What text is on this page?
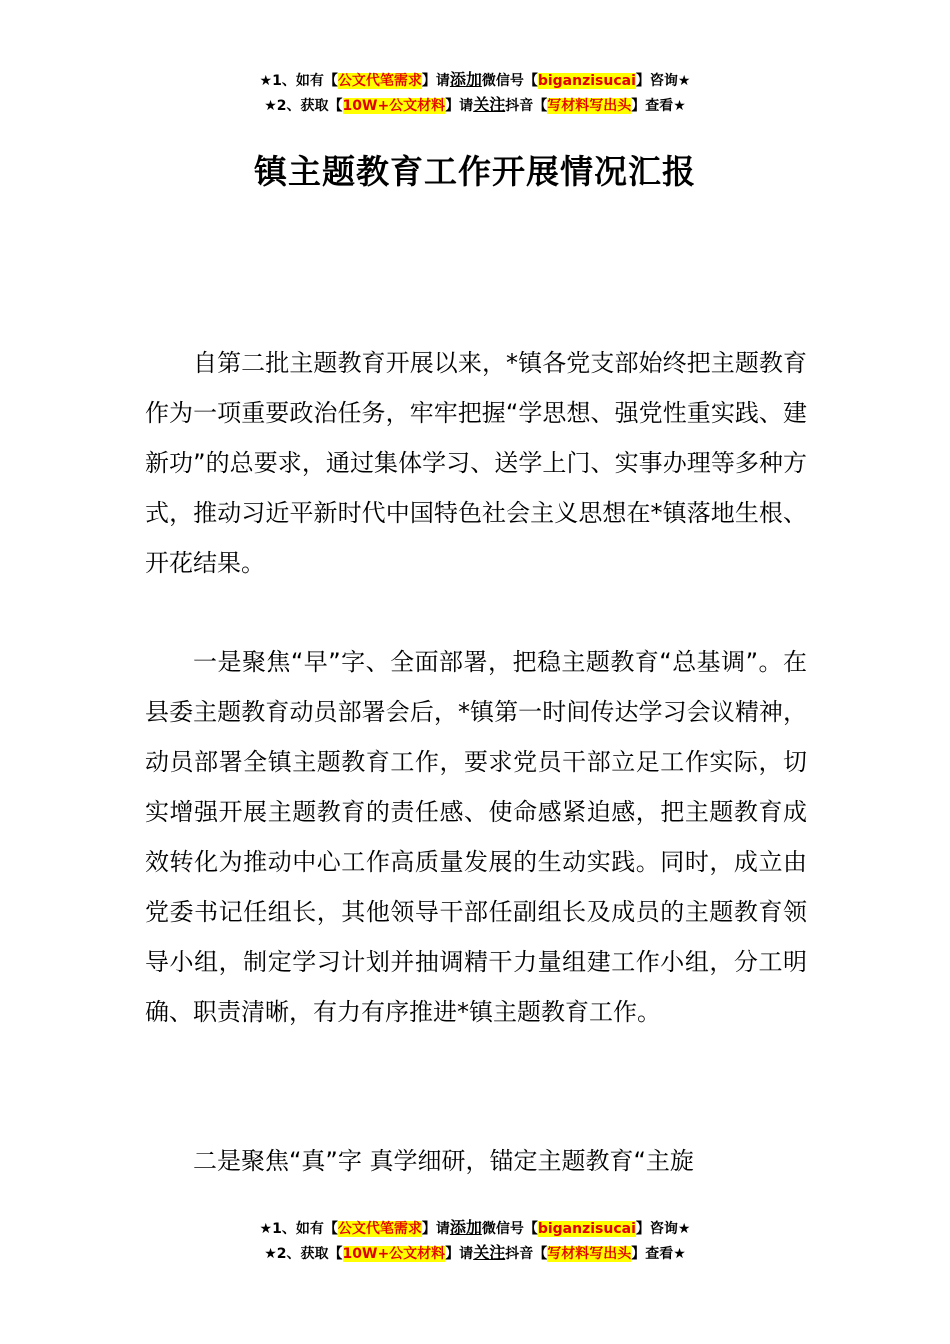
★1、如有【公文代笔需求】请添加微信号【biganzisucai】咨询★
★2、获取【10W+公文材料】请关注抖音【写材料写出头】查看★
镇主题教育工作开展情况汇报

自第二批主题教育开展以来，*镇各党支部始终把主题教育作为一项重要政治任务，牢牢把握“学思想、强党性重实践、建新功”的总要求，通过集体学习、送学上门、实事办理等多种方式，推动习近平新时代中国特色社会主义思想在*镇落地生根、开花结果。

一是聚焦“早”字、全面部署，把稳主题教育“总基调”。在县委主题教育动员部署会后，*镇第一时间传达学习会议精神，动员部署全镇主题教育工作，要求党员干部立足工作实际，切实增强开展主题教育的责任感、使命感紧迫感，把主题教育成效转化为推动中心工作高质量发展的生动实践。同时，成立由党委书记任组长，其他领导干部任副组长及成员的主题教育领导小组，制定学习计划并抽调精干力量组建工作小组，分工明确、职责清晰，有力有序推进*镇主题教育工作。

二是聚焦“真”字 真学细研，锚定主题教育“主旋

★1、如有【公文代笔需求】请添加微信号【biganzisucai】咨询★
★2、获取【10W+公文材料】请关注抖音【写材料写出头】查看★
